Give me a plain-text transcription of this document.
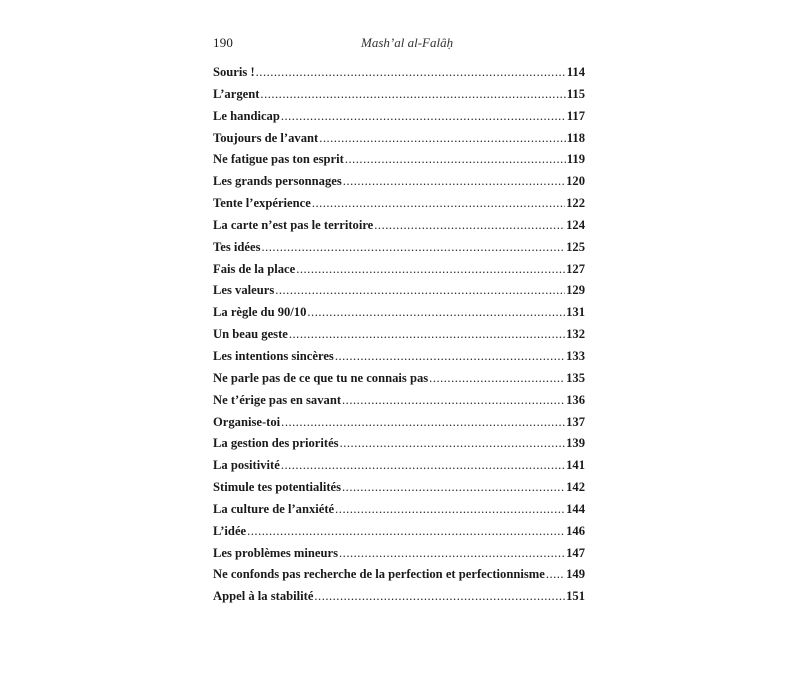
190	Mash’al al-Falâḥ
Souris ! .....	114
L’argent .....	115
Le handicap .....	117
Toujours de l’avant .....	118
Ne fatigue pas ton esprit .....	119
Les grands personnages .....	120
Tente l’expérience .....	122
La carte n’est pas le territoire .....	124
Tes idées .....	125
Fais de la place .....	127
Les valeurs .....	129
La règle du 90/10 .....	131
Un beau geste .....	132
Les intentions sincères .....	133
Ne parle pas de ce que tu ne connais pas .....	135
Ne t’érige pas en savant .....	136
Organise-toi .....	137
La gestion des priorités .....	139
La positivité .....	141
Stimule tes potentialités .....	142
La culture de l’anxiété .....	144
L’idée .....	146
Les problèmes mineurs .....	147
Ne confonds pas recherche de la perfection et perfectionnisme ..... 149
Appel à la stabilité .....	151
